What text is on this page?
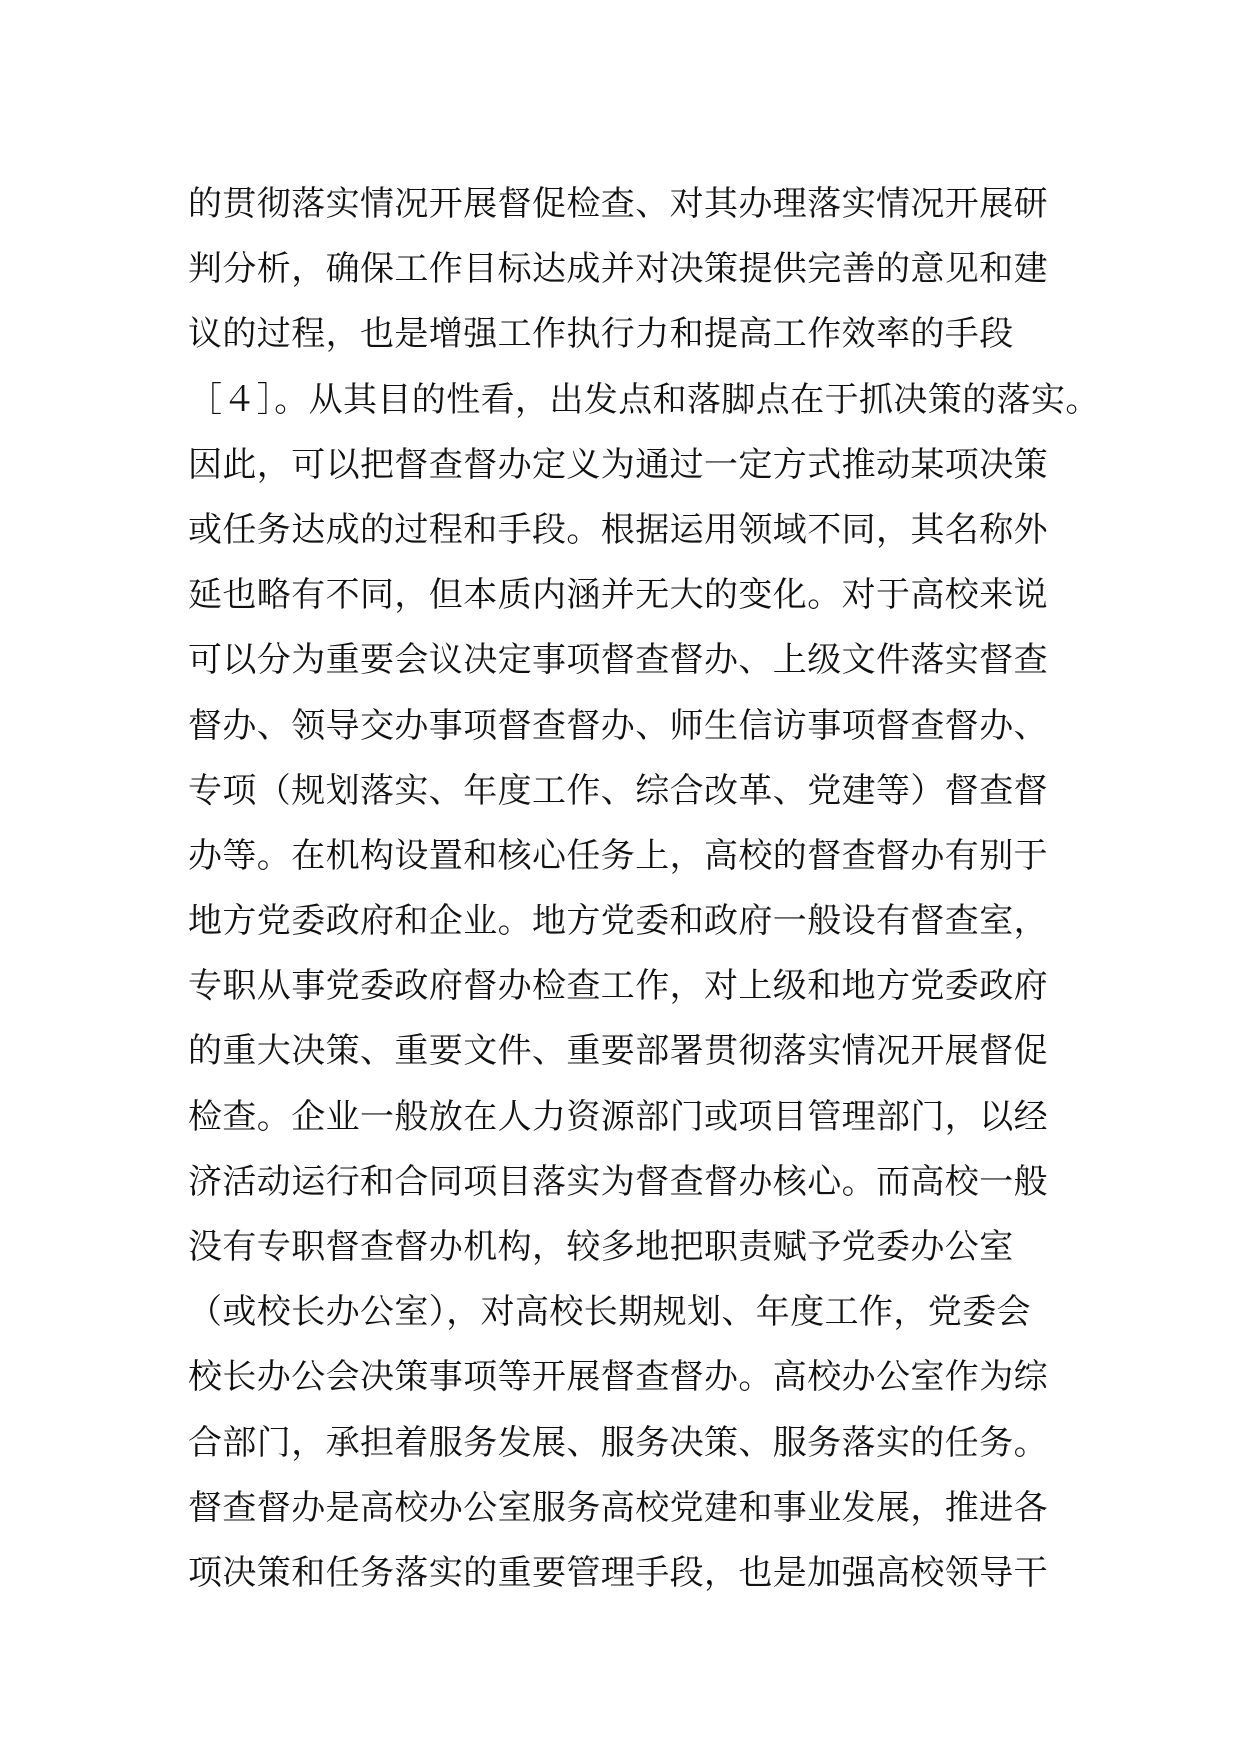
的贯彻落实情况开展督促检查、对其办理落实情况开展研
判分析，确保工作目标达成并对决策提供完善的意见和建
议的过程，也是增强工作执行力和提高工作效率的手段
［４］。从其目的性看，出发点和落脚点在于抓决策的落实。
因此，可以把督查督办定义为通过一定方式推动某项决策
或任务达成的过程和手段。根据运用领域不同，其名称外
延也略有不同，但本质内涵并无大的变化。对于高校来说
可以分为重要会议决定事项督查督办、上级文件落实督查
督办、领导交办事项督查督办、师生信访事项督查督办、
专项（规划落实、年度工作、综合改革、党建等）督查督
办等。在机构设置和核心任务上，高校的督查督办有别于
地方党委政府和企业。地方党委和政府一般设有督查室，
专职从事党委政府督办检查工作，对上级和地方党委政府
的重大决策、重要文件、重要部署贯彻落实情况开展督促
检查。企业一般放在人力资源部门或项目管理部门，以经
济活动运行和合同项目落实为督查督办核心。而高校一般
没有专职督查督办机构，较多地把职责赋予党委办公室
（或校长办公室），对高校长期规划、年度工作，党委会
校长办公会决策事项等开展督查督办。高校办公室作为综
合部门，承担着服务发展、服务决策、服务落实的任务。
督查督办是高校办公室服务高校党建和事业发展，推进各
项决策和任务落实的重要管理手段，也是加强高校领导干
